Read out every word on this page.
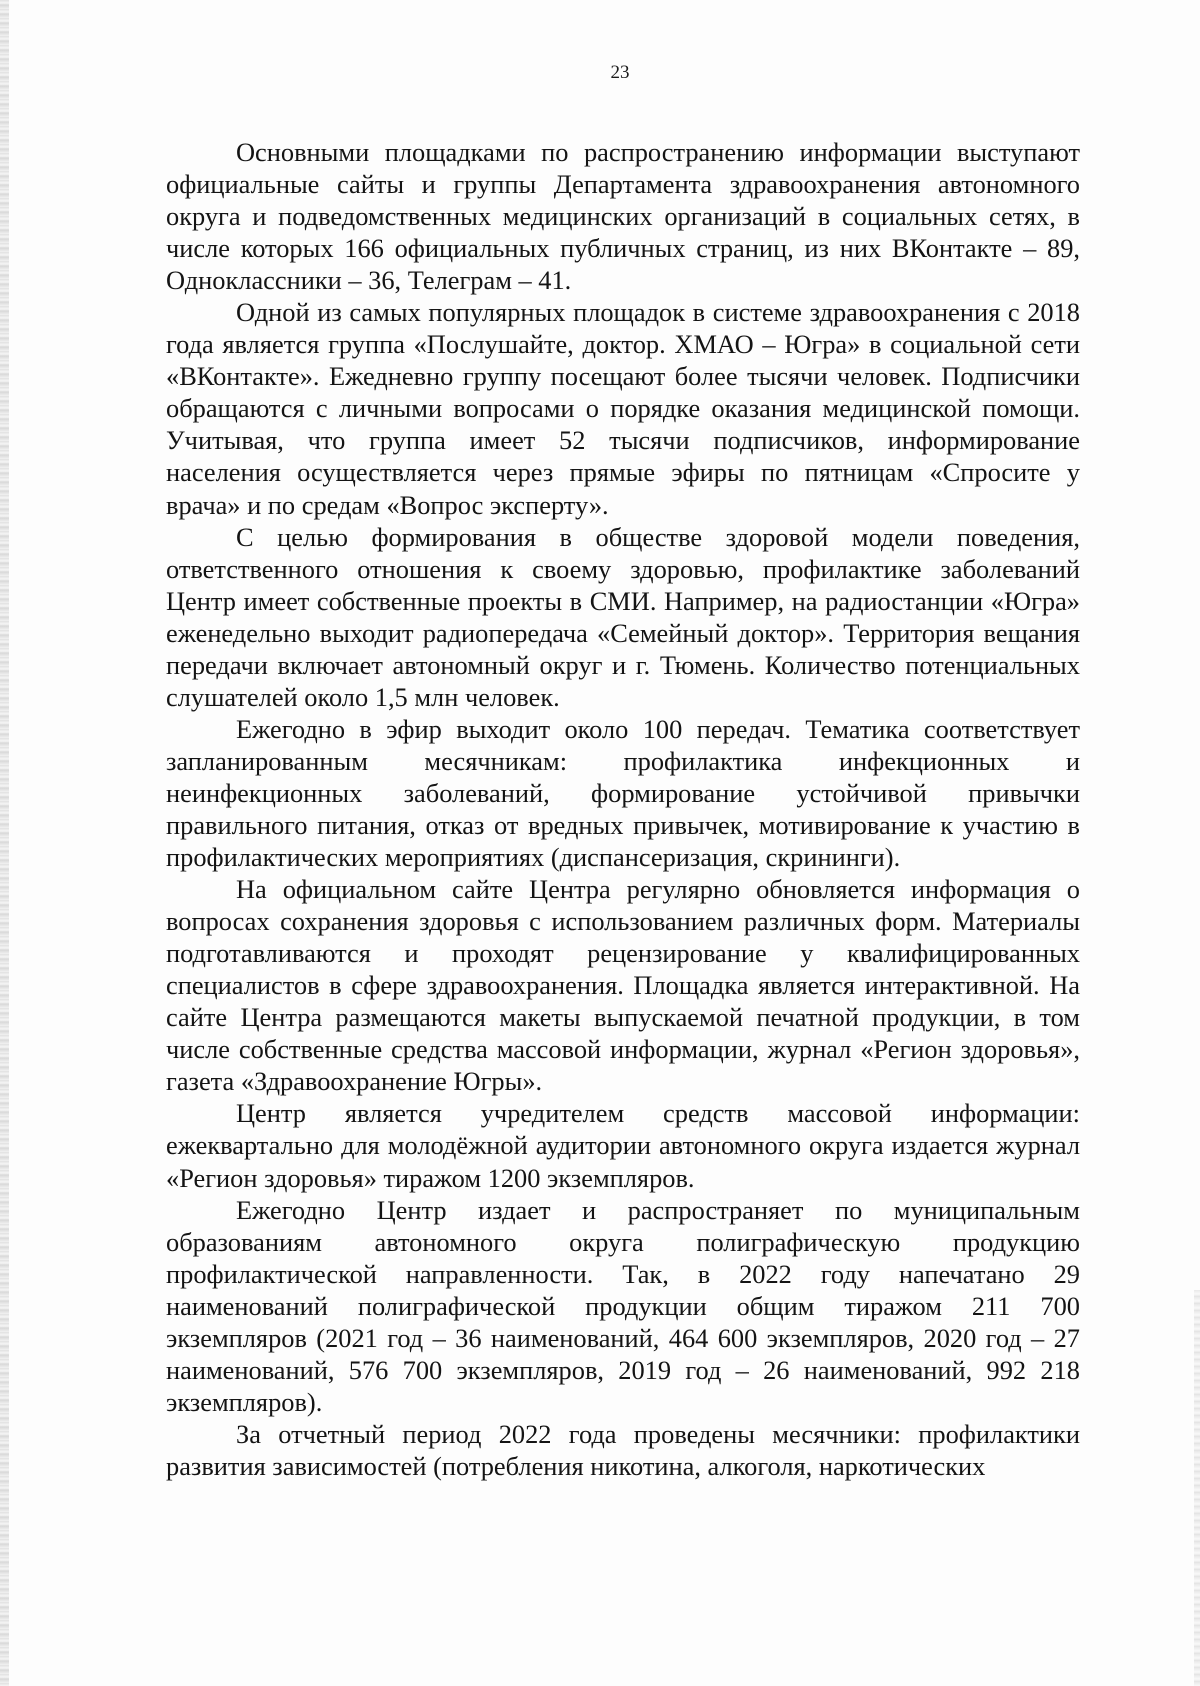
23

Основными площадками по распространению информации выступают официальные сайты и группы Департамента здравоохранения автономного округа и подведомственных медицинских организаций в социальных сетях, в числе которых 166 официальных публичных страниц, из них ВКонтакте – 89, Одноклассники – 36, Телеграм – 41.

Одной из самых популярных площадок в системе здравоохранения с 2018 года является группа «Послушайте, доктор. ХМАО – Югра» в социальной сети «ВКонтакте». Ежедневно группу посещают более тысячи человек. Подписчики обращаются с личными вопросами о порядке оказания медицинской помощи. Учитывая, что группа имеет 52 тысячи подписчиков, информирование населения осуществляется через прямые эфиры по пятницам «Спросите у врача» и по средам «Вопрос эксперту».

С целью формирования в обществе здоровой модели поведения, ответственного отношения к своему здоровью, профилактике заболеваний Центр имеет собственные проекты в СМИ. Например, на радиостанции «Югра» еженедельно выходит радиопередача «Семейный доктор». Территория вещания передачи включает автономный округ и г. Тюмень. Количество потенциальных слушателей около 1,5 млн человек.

Ежегодно в эфир выходит около 100 передач. Тематика соответствует запланированным месячникам: профилактика инфекционных и неинфекционных заболеваний, формирование устойчивой привычки правильного питания, отказ от вредных привычек, мотивирование к участию в профилактических мероприятиях (диспансеризация, скрининги).

На официальном сайте Центра регулярно обновляется информация о вопросах сохранения здоровья с использованием различных форм. Материалы подготавливаются и проходят рецензирование у квалифицированных специалистов в сфере здравоохранения. Площадка является интерактивной. На сайте Центра размещаются макеты выпускаемой печатной продукции, в том числе собственные средства массовой информации, журнал «Регион здоровья», газета «Здравоохранение Югры».

Центр является учредителем средств массовой информации: ежеквартально для молодёжной аудитории автономного округа издается журнал «Регион здоровья» тиражом 1200 экземпляров.

Ежегодно Центр издает и распространяет по муниципальным образованиям автономного округа полиграфическую продукцию профилактической направленности. Так, в 2022 году напечатано 29 наименований полиграфической продукции общим тиражом 211 700 экземпляров (2021 год – 36 наименований, 464 600 экземпляров, 2020 год – 27 наименований, 576 700 экземпляров, 2019 год – 26 наименований, 992 218 экземпляров).

За отчетный период 2022 года проведены месячники: профилактики развития зависимостей (потребления никотина, алкоголя, наркотических
